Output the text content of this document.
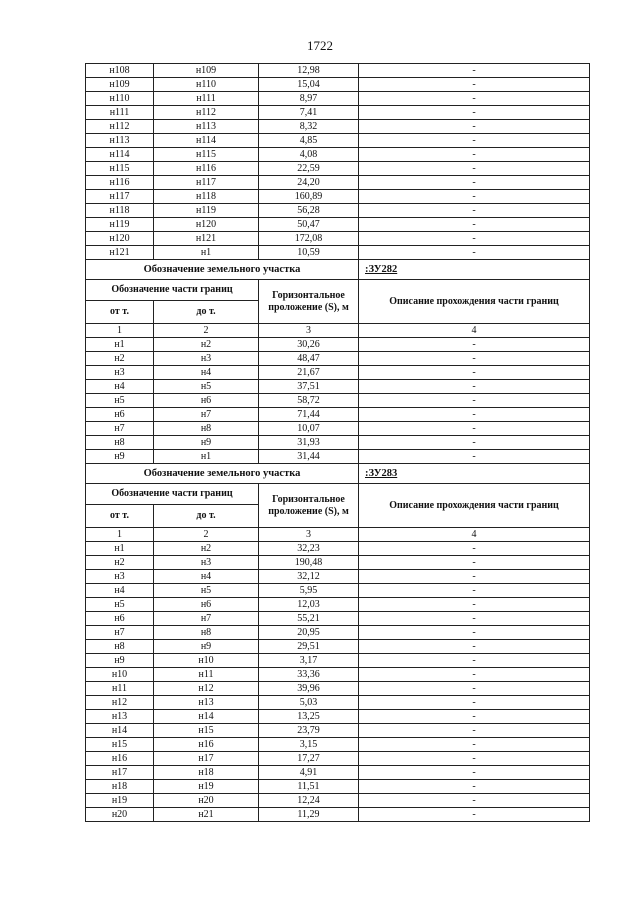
1722
н108	н109	12,98	-
н109	н110	15,04	-
н110	н111	8,97	-
н111	н112	7,41	-
н112	н113	8,32	-
н113	н114	4,85	-
н114	н115	4,08	-
н115	н116	22,59	-
н116	н117	24,20	-
н117	н118	160,89	-
н118	н119	56,28	-
н119	н120	50,47	-
н120	н121	172,08	-
н121	н1	10,59	-
Обозначение земельного участка			:ЗУ282
Обозначение части границ		Горизонтальное проложение (S), м	Описание прохождения части границ
от т.	до т.		
1	2	3	4
н1	н2	30,26	-
н2	н3	48,47	-
н3	н4	21,67	-
н4	н5	37,51	-
н5	н6	58,72	-
н6	н7	71,44	-
н7	н8	10,07	-
н8	н9	31,93	-
н9	н1	31,44	-
Обозначение земельного участка			:ЗУ283
Обозначение части границ		Горизонтальное проложение (S), м	Описание прохождения части границ
от т.	до т.		
1	2	3	4
н1	н2	32,23	-
н2	н3	190,48	-
н3	н4	32,12	-
н4	н5	5,95	-
н5	н6	12,03	-
н6	н7	55,21	-
н7	н8	20,95	-
н8	н9	29,51	-
н9	н10	3,17	-
н10	н11	33,36	-
н11	н12	39,96	-
н12	н13	5,03	-
н13	н14	13,25	-
н14	н15	23,79	-
н15	н16	3,15	-
н16	н17	17,27	-
н17	н18	4,91	-
н18	н19	11,51	-
н19	н20	12,24	-
н20	н21	11,29	-
